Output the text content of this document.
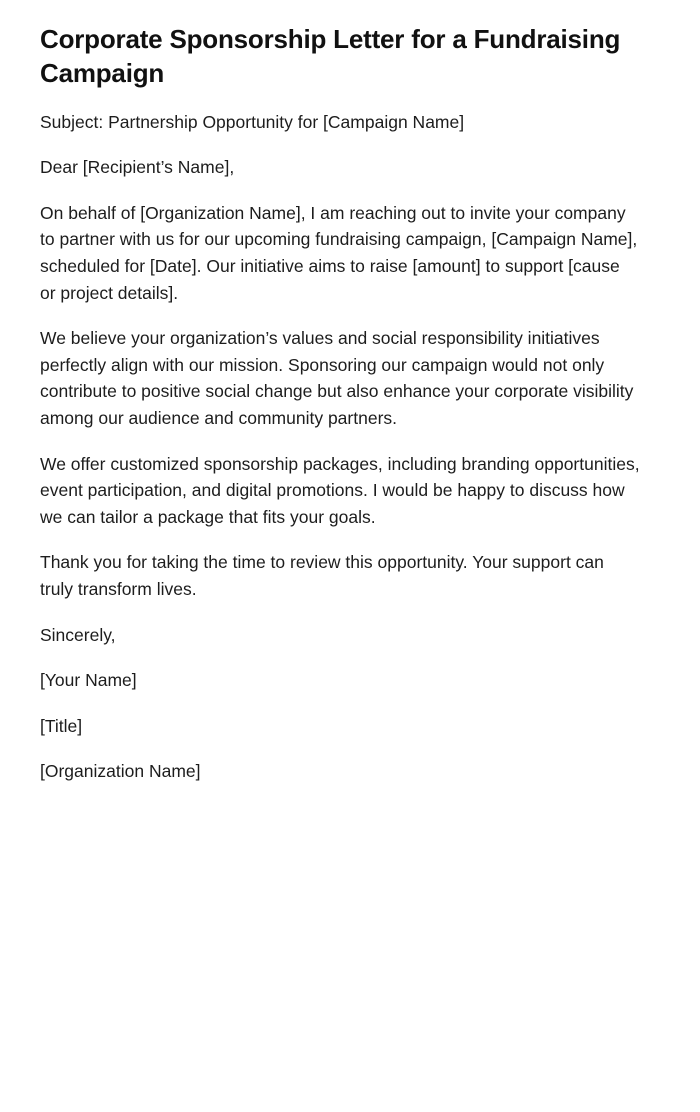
Corporate Sponsorship Letter for a Fundraising Campaign

Subject: Partnership Opportunity for [Campaign Name]

Dear [Recipient’s Name],

On behalf of [Organization Name], I am reaching out to invite your company to partner with us for our upcoming fundraising campaign, [Campaign Name], scheduled for [Date]. Our initiative aims to raise [amount] to support [cause or project details].

We believe your organization’s values and social responsibility initiatives perfectly align with our mission. Sponsoring our campaign would not only contribute to positive social change but also enhance your corporate visibility among our audience and community partners.

We offer customized sponsorship packages, including branding opportunities, event participation, and digital promotions. I would be happy to discuss how we can tailor a package that fits your goals.

Thank you for taking the time to review this opportunity. Your support can truly transform lives.

Sincerely,

[Your Name]

[Title]

[Organization Name]
